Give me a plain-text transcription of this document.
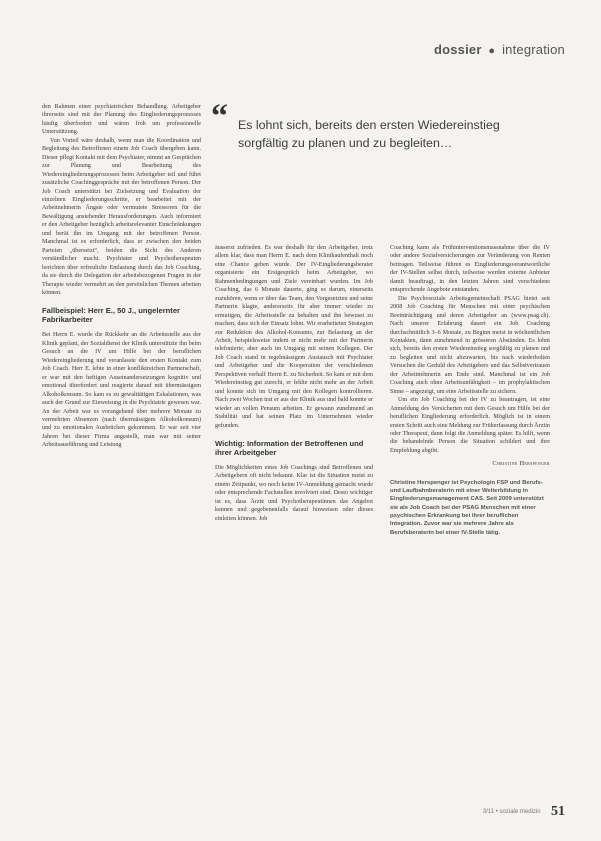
dossier ● integration
“ Es lohnt sich, bereits den ersten Wiedereinstieg sorgfältig zu planen und zu begleiten…

den Rahmen einer psychiatrischen Behandlung. Arbeitgeber ihrerseits sind mit der Planung des Eingliederungsprozesses häufig überfordert und wären froh um professionelle Unterstützung.

Von Vorteil wäre deshalb, wenn man die Koordination und Begleitung des Betroffenen einem Job Coach übergeben kann. Dieser pflegt Kontakt mit dem Psychiater, nimmt an Gesprächen zur Planung und Bearbeitung des Wiedereingliederungsprozesses beim Arbeitgeber teil und führt zusätzliche Coachinggespräche mit der betroffenen Person. Der Job Coach unterstützt bei Zielsetzung und Evaluation der einzelnen Eingliederungsschritte, er bearbeitet mit der Arbeitnehmerin Ängste oder vermutete Stressoren für die Bewältigung anstehender Herausforderungen. Auch informiert er den Arbeitgeber bezüglich arbeitsrelevanter Einschränkungen und berät ihn im Umgang mit der betroffenen Person. Manchmal ist es erforderlich, dass er zwischen den beiden Parteien „übersetzt“, beiden die Sicht des Anderen verständlicher macht. Psychiater und Psychotherapeuten berichten über erfreuliche Entlastung durch das Job Coaching, da sie durch die Delegation der arbeitsbezogenen Fragen in der Therapie wieder vermehrt an den persönlichen Themen arbeiten können.

Fallbeispiel: Herr E., 50 J., ungelernter Fabrikarbeiter

Bei Herrn E. wurde die Rückkehr an die Arbeitsstelle aus der Klinik geplant, der Sozialdienst der Klinik unterstützte ihn beim Gesuch an die IV um Hilfe bei der beruflichen Wiedereingliederung und veranlasste den ersten Kontakt zum Job Coach. Herr E. lebte in einer konfliktreichen Partnerschaft, er war mit den heftigen Auseinandersetzungen kognitiv und emotional überfordert und reagierte darauf mit übermässigem Alkoholkonsum. So kam es zu gewalttätigen Eskalationen, was auch der Grund zur Einweisung in die Psychiatrie gewesen war. An der Arbeit war es vorangehend über mehrere Monate zu vermehrten Absenzen (nach übermässigem Alkoholkonsum) und zu emotionalen Ausbrüchen gekommen. Er war seit vier Jahren bei dieser Firma angestellt, man war mit seiner Arbeitsausführung und Leistung

äusserst zufrieden. Es war deshalb für den Arbeitgeber, trotz allem klar, dass man Herrn E. nach dem Klinikaufenthalt noch eine Chance geben wurde. Der IV-Eingliederungsberater organisierte ein Erstgespräch beim Arbeitgeber, wo Rahmenbedingungen und Ziele vereinbart wurden. Im Job Coaching, das 6 Monate dauerte, ging es darum, einerseits zuzuhören, wenn er über das Team, den Vorgesetzten und seine Partnerin klagte, andererseits für aber immer wieder zu ermutigen, die Arbeitsstelle zu behalten und ihn bewusst zu machen, dass sich der Einsatz lohnt. Wir erarbeiteten Strategien zur Reduktion des Alkohol-Konsums, zur Belastung an der Arbeit, beispielsweise indem er nicht mehr mit der Partnerin telefonierte, aber auch im Umgang mit seinen Kollegen. Der Job Coach stand in regelmässigem Austausch mit Psychiater und Arbeitgeber und die Kooperation der verschiedenen Perspektiven verhalf Herrn E. zu Sicherheit. So kam er mit dem Wiedereinstieg gut zurecht, er fehlte nicht mehr an der Arbeit und konnte sich im Umgang mit den Kollegen kontrollieren. Nach zwei Wochen trat er aus der Klinik aus und bald konnte er wieder an vollen Pensum arbeiten. Er gewann zunehmend an Stabilität und hat seinen Platz im Unternehmen wieder gefunden.

Wichtig: Information der Betroffenen und ihrer Arbeitgeber

Die Möglichkeiten eines Job Coachings sind Betroffenen und Arbeitgebern oft nicht bekannt. Klar ist die Situation meist zu einem Zeitpunkt, wo noch keine IV-Anmeldung gemacht wurde oder entsprechende Fachstellen involviert sind. Desto wichtiger ist es, dass Ärzte und Psychotherapeutinnen das Angebot kennen und gegebenenfalls darauf hinweisen oder dieses einleiten können. Job

Coaching kann als Frühinterventionsmassnahme über die IV oder andere Sozialversicherungen zur Veränderung von Renten beitragen. Teilweise führen es Eingliederungsverantwortliche der IV-Stellen selbst durch, teilweise werden externe Anbieter damit beauftragt, in den letzten Jahren sind verschiedene entsprechende Angebote entstanden.

Die Psychosoziale Arbeitsgemeinschaft PSAG bietet seit 2008 Job Coaching für Menschen mit einer psychischen Beeinträchtigung und deren Arbeitgeber an (www.psag.ch). Nach unserer Erfahrung dauert ein Job Coaching durchschnittlich 3–6 Monate, zu Beginn meist in wöchentlichen Kontakten, dann zunehmend in grösseren Abständen. Es lohnt sich, bereits den ersten Wiedereinstieg sorgfältig zu planen und zu begleiten und nicht abzuwarten, bis nach wiederholten Versuchen die Geduld des Arbeitgebers und das Selbstvertrauen der Arbeitnehmerin am Ende sind. Manchmal ist ein Job Coaching auch ohne Arbeitsunfähigkeit – im prophylaktischen Sinne – angezeigt, um eine Arbeitsstelle zu sichern.

Um ein Job Coaching bei der IV zu beantragen, ist eine Anmeldung des Versicherten mit dem Gesuch um Hilfe bei der beruflichen Eingliederung erforderlich. Möglich ist in einem ersten Schritt auch eine Meldung zur Früherfassung durch Ärztin oder Therapeut, dann folgt die Anmeldung später. Es hilft, wenn die behandelnde Person die Situation schildert und ihre Empfehlung abgibt.

Christine Herspenger
Christine Herspenger ist Psychologin FSP und Berufs- und Laufbahnberaterin mit einer Weiterbildung in Eingliederungsmanagement CAS. Seit 2009 unterstützt sie als Job Coach bei der PSAG Menschen mit einer psychischen Erkrankung bei ihrer beruflichen Integration. Zuvor war sie mehrere Jahre als Berufsberaterin bei einer IV-Stelle tätig.
3/11 • soziale medizin 51
